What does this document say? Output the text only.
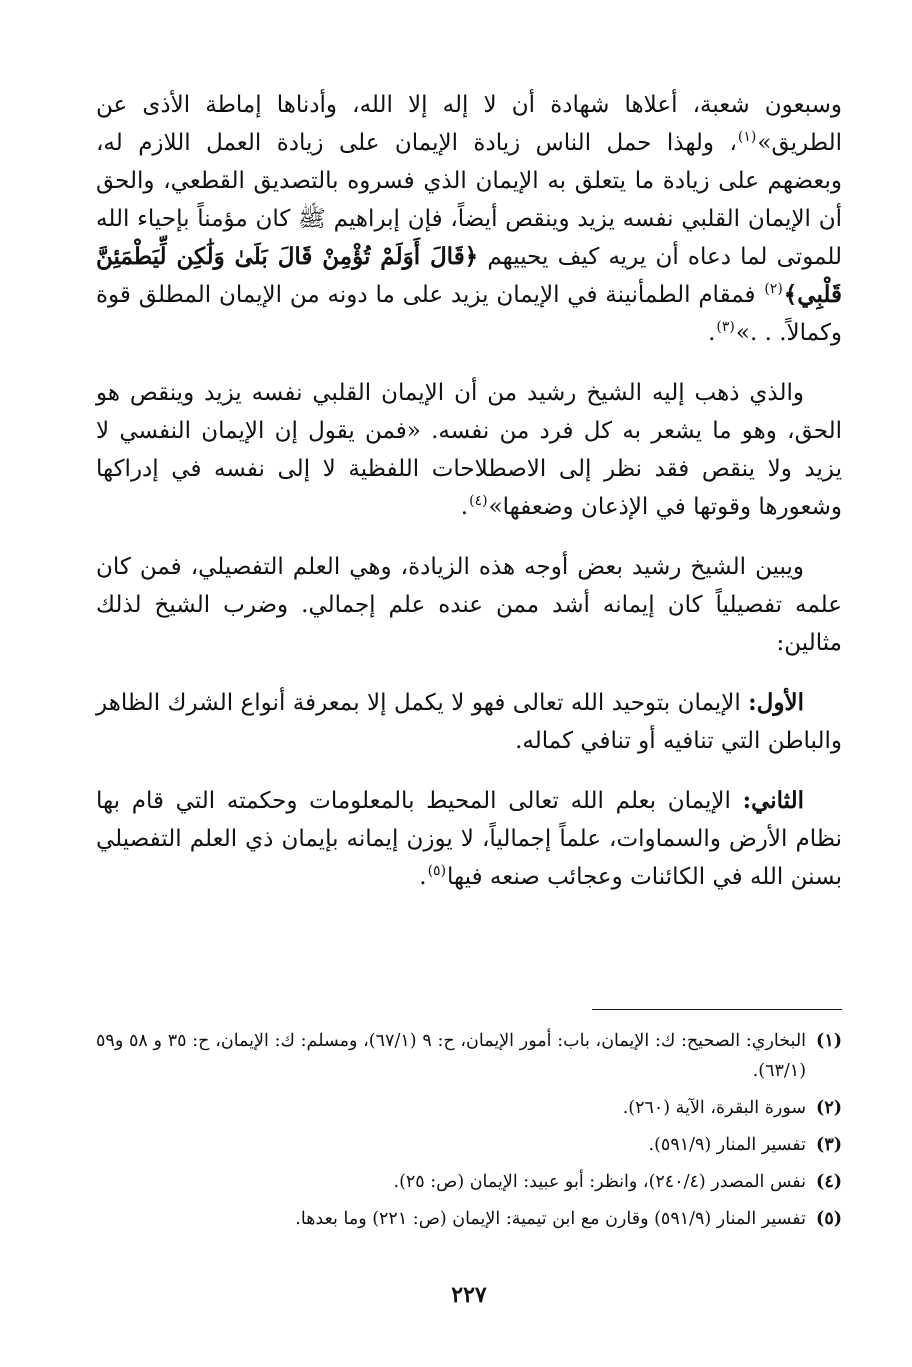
وسبعون شعبة، أعلاها شهادة أن لا إله إلا الله، وأدناها إماطة الأذى عن الطريق»$^{(١)}$، ولهذا حمل الناس زيادة الإيمان على زيادة العمل اللازم له، وبعضهم على زيادة ما يتعلق به الإيمان الذي فسروه بالتصديق القطعي، والحق أن الإيمان القلبي نفسه يزيد وينقص أيضاً، فإن إبراهيم ﷺ كان مؤمناً بإحياء الله للموتى لما دعاه أن يريه كيف يحييهم ﴿قَالَ أَوَلَمْ تُؤْمِنْ قَالَ بَلَىٰ وَلَٰكِن لِّيَطْمَئِنَّ قَلْبِي﴾$^{(٢)}$ فمقام الطمأنينة في الإيمان يزيد على ما دونه من الإيمان المطلق قوة وكمالاً. . .»$^{(٣)}$.

والذي ذهب إليه الشيخ رشيد من أن الإيمان القلبي نفسه يزيد وينقص هو الحق، وهو ما يشعر به كل فرد من نفسه. «فمن يقول إن الإيمان النفسي لا يزيد ولا ينقص فقد نظر إلى الاصطلاحات اللفظية لا إلى نفسه في إدراكها وشعورها وقوتها في الإذعان وضعفها»$^{(٤)}$.

ويبين الشيخ رشيد بعض أوجه هذه الزيادة، وهي العلم التفصيلي، فمن كان علمه تفصيلياً كان إيمانه أشد ممن عنده علم إجمالي. وضرب الشيخ لذلك مثالين:

الأول: الإيمان بتوحيد الله تعالى فهو لا يكمل إلا بمعرفة أنواع الشرك الظاهر والباطن التي تنافيه أو تنافي كماله.

الثاني: الإيمان بعلم الله تعالى المحيط بالمعلومات وحكمته التي قام بها نظام الأرض والسماوات، علماً إجمالياً، لا يوزن إيمانه بإيمان ذي العلم التفصيلي بسنن الله في الكائنات وعجائب صنعه فيها$^{(٥)}$.

(١)
البخاري: الصحيح: ك: الإيمان، باب: أمور الإيمان، ح: ٩ (٦٧/١)، ومسلم: ك: الإيمان، ح: ٣٥ و ٥٨ و٥٩ (٦٣/١).
(٢)
سورة البقرة، الآية (٢٦٠).
(٣)
تفسير المنار (٥٩١/٩).
(٤)
نفس المصدر (٢٤٠/٤)، وانظر: أبو عبيد: الإيمان (ص: ٢٥).
(٥)
تفسير المنار (٥٩١/٩) وقارن مع ابن تيمية: الإيمان (ص: ٢٢١) وما بعدها.
٢٢٧
